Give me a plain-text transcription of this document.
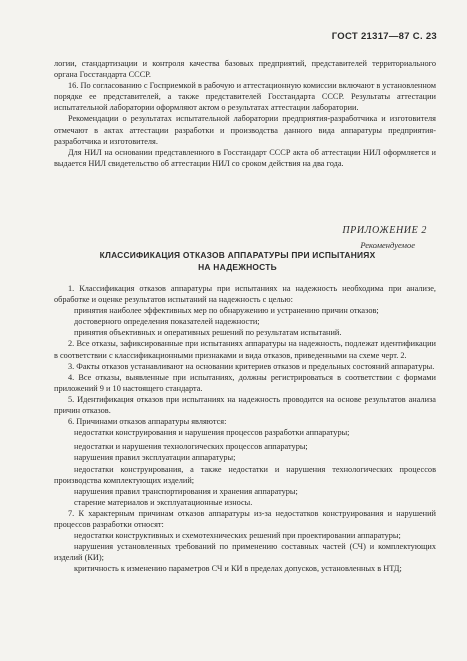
ГОСТ 21317—87 С. 23

логии, стандартизации и контроля качества базовых предприятий, представителей территориального органа Госстандарта СССР.

16. По согласованию с Госприемкой в рабочую и аттестационную комиссии включают в установленном порядке ее представителей, а также представителей Госстандарта СССР. Результаты аттестации испытательной лаборатории оформляют актом о результатах аттестации лаборатории.

Рекомендации о результатах испытательной лаборатории предприятия-разработчика и изготовителя отмечают в актах аттестации разработки и производства данного вида аппаратуры предприятия-разработчика и изготовителя.

Для НИЛ на основании представленного в Госстандарт СССР акта об аттестации НИЛ оформляется и выдается НИЛ свидетельство об аттестации НИЛ со сроком действия на два года.

ПРИЛОЖЕНИЕ 2
Рекомендуемое
КЛАССИФИКАЦИЯ ОТКАЗОВ АППАРАТУРЫ ПРИ ИСПЫТАНИЯХ
НА НАДЕЖНОСТЬ

1. Классификация отказов аппаратуры при испытаниях на надежность необходима при анализе, обработке и оценке результатов испытаний на надежность с целью:

принятия наиболее эффективных мер по обнаружению и устранению причин отказов;

достоверного определения показателей надежности;

принятия объективных и оперативных решений по результатам испытаний.

2. Все отказы, зафиксированные при испытаниях аппаратуры на надежность, подлежат идентификации в соответствии с классификационными признаками и вида отказов, приведенными на схеме черт. 2.

3. Факты отказов устанавливают на основании критериев отказов и предельных состояний аппаратуры.

4. Все отказы, выявленные при испытаниях, должны регистрироваться в соответствии с формами приложений 9 и 10 настоящего стандарта.

5. Идентификация отказов при испытаниях на надежность проводится на основе результатов анализа причин отказов.

6. Причинами отказов аппаратуры являются:

недостатки конструирования и нарушения процессов разработки аппаратуры;

недостатки и нарушения технологических процессов аппаратуры;

нарушения правил эксплуатации аппаратуры;

недостатки конструирования, а также недостатки и нарушения технологических процессов производства комплектующих изделий;

нарушения правил транспортирования и хранения аппаратуры;

старение материалов и эксплуатационные износы.

7. К характерным причинам отказов аппаратуры из-за недостатков конструирования и нарушений процессов разработки относят:

недостатки конструктивных и схемотехнических решений при проектировании аппаратуры;

нарушения установленных требований по применению составных частей (СЧ) и комплектующих изделий (КИ);

критичность к изменению параметров СЧ и КИ в пределах допусков, установленных в НТД;
